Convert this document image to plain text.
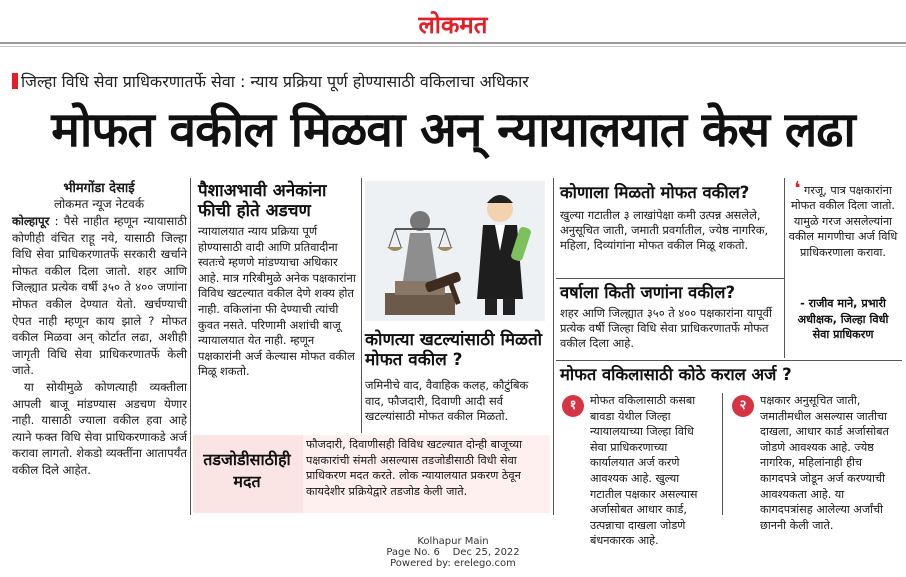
लोकमत
जिल्हा विधि सेवा प्राधिकरणातर्फे सेवा : न्याय प्रक्रिया पूर्ण होण्यासाठी वकिलाचा अधिकार
मोफत वकील मिळवा अन् न्यायालयात केस लढा
भीमगोंडा देसाई
लोकमत न्यूज नेटवर्क

कोल्हापूर : पैसे नाहीत म्हणून न्यायासाठी कोणीही वंचित राहू नये, यासाठी जिल्हा विधि सेवा प्राधिकरणातर्फे सरकारी खर्चाने मोफत वकील दिला जातो. शहर आणि जिल्ह्यात प्रत्येक वर्षी ३५० ते ४०० जणांना मोफत वकील देण्यात येतो. खर्चण्याची ऐपत नाही म्हणून काय झाले ? मोफत वकील मिळवा अन् कोर्टात लढा, अशीही जागृती विधि सेवा प्राधिकरणातर्फे केली जाते.

या सोयीमुळे कोणत्याही व्यक्तीला आपली बाजू मांडण्यास अडचण येणार नाही. यासाठी ज्याला वकील हवा आहे त्याने फक्त विधि सेवा प्राधिकरणाकडे अर्ज करावा लागतो. शेकडो व्यक्तींना आतापर्यंत वकील दिले आहेत.

पैशाअभावी अनेकांना फीची होते अडचण
न्यायालयात न्याय प्रक्रिया पूर्ण होण्यासाठी वादी आणि प्रतिवादीना स्वतःचे म्हणणे मांडण्याचा अधिकार आहे. मात्र गरिबीमुळे अनेक पक्षकारांना विविध खटल्यात वकील देणे शक्य होत नाही. वकिलांना फी देण्याची त्यांची कुवत नसते. परिणामी अशांची बाजू न्यायालयात येत नाही. म्हणून पक्षकारांनी अर्ज केल्यास मोफत वकील मिळू शकतो.
कोणत्या खटल्यांसाठी मिळतो मोफत वकील ?
जमिनीचे वाद, वैवाहिक कलह, कौटुंबिक वाद, फौजदारी, दिवाणी आदी सर्व खटल्यांसाठी मोफत वकील मिळतो.
कोणाला मिळतो मोफत वकील?
खुल्या गटातील ३ लाखांपेक्षा कमी उत्पन्न असलेले, अनुसूचित जाती, जमाती प्रवर्गातील, ज्येष्ठ नागरिक, महिला, दिव्यांगांना मोफत वकील मिळू शकतो.
वर्षाला किती जणांना वकील?
शहर आणि जिल्ह्यात ३५० ते ४०० पक्षकारांना यापूर्वी प्रत्येक वर्षी जिल्हा विधि सेवा प्राधिकरणातर्फे मोफत वकील दिला आहे.
❛ गरजू, पात्र पक्षकारांना मोफत वकील दिला जातो. यामुळे गरज असलेल्यांना वकील मागणीचा अर्ज विधि प्राधिकरणाला करावा.
- राजीव माने, प्रभारी अधीक्षक, जिल्हा विधी सेवा प्राधिकरण
मोफत वकिलासाठी कोठे कराल अर्ज ?
१	२

मोफत वकिलासाठी कसबा बावडा येथील जिल्हा न्यायालयाच्या जिल्हा विधि सेवा प्राधिकरणाच्या कार्यालयात अर्ज करणे आवश्यक आहे. खुल्या गटातील पक्षकार असल्यास अर्जासोबत आधार कार्ड, उत्पन्नाचा दाखला जोडणे बंधनकारक आहे.

पक्षकार अनुसूचित जाती, जमातीमधील असल्यास जातीचा दाखला, आधार कार्ड अर्जासोबत जोडणे आवश्यक आहे. ज्येष्ठ नागरिक, महिलांनाही हीच कागदपत्रे जोडून अर्ज करण्याची आवश्यकता आहे. या कागदपत्रांसह आलेल्या अर्जांची छाननी केली जाते.

तडजोडीसाठीही मदत
फौजदारी, दिवाणीसही विविध खटल्यात दोन्ही बाजूच्या पक्षकारांची संमती असल्यास तडजोडीसाठी विधी सेवा प्राधिकरण मदत करते. लोक न्यायालयात प्रकरण ठेवून कायदेशीर प्रक्रियेद्वारे तडजोड केली जाते.
Kolhapur Main
Page No. 6    Dec 25, 2022
Powered by: erelego.com
